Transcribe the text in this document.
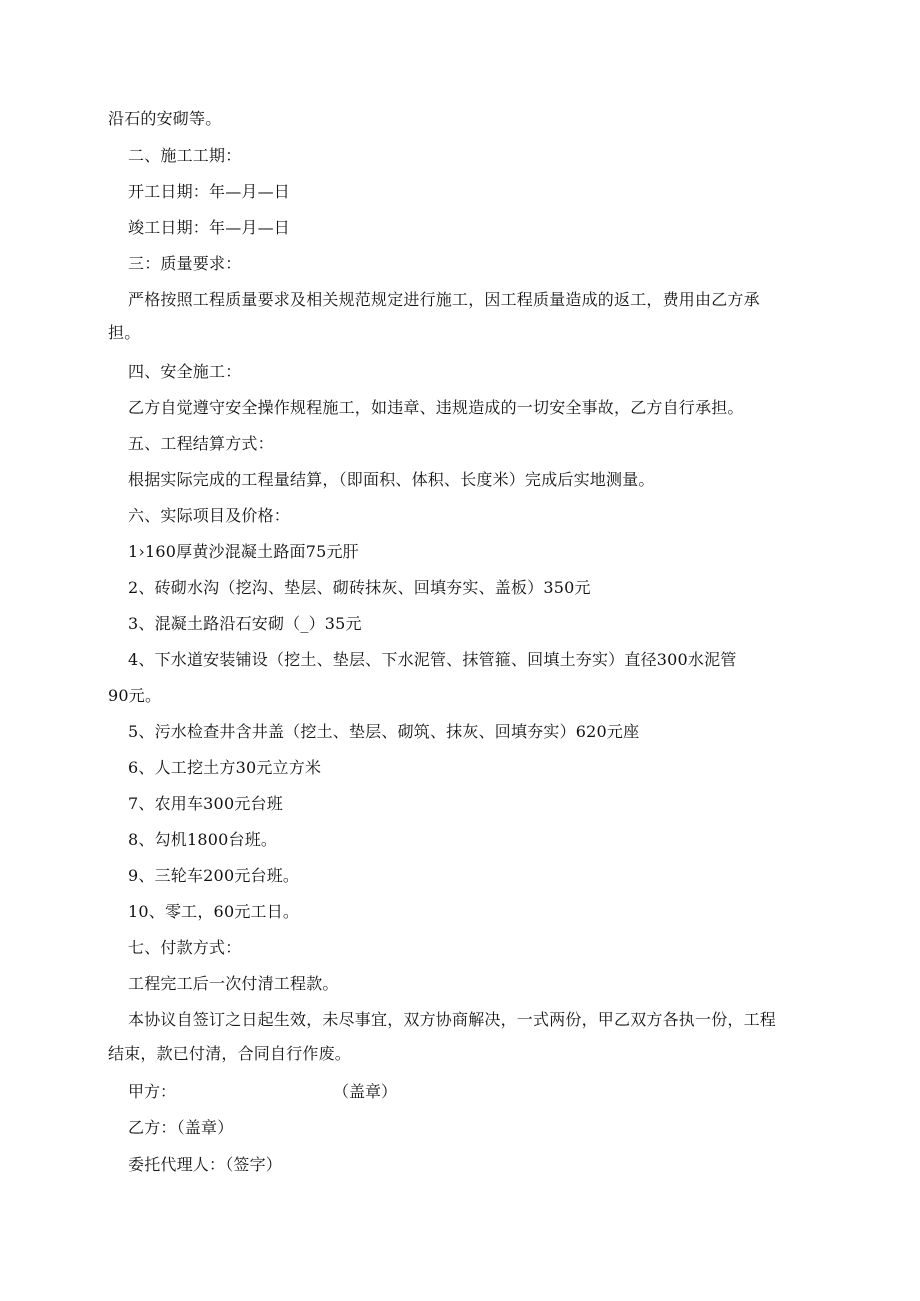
沿石的安砌等。
二、施工工期：
开工日期：年—月—日
竣工日期：年—月—日
三：质量要求：
严格按照工程质量要求及相关规范规定进行施工，因工程质量造成的返工，费用由乙方承
担。
四、安全施工：
乙方自觉遵守安全操作规程施工，如违章、违规造成的一切安全事故，乙方自行承担。
五、工程结算方式：
根据实际完成的工程量结算，（即面积、体积、长度米）完成后实地测量。
六、实际项目及价格：
1›160厚黄沙混凝土路面75元肝
2、砖砌水沟（挖沟、垫层、砌砖抹灰、回填夯实、盖板）350元
3、混凝土路沿石安砌（_）35元
4、下水道安装铺设（挖土、垫层、下水泥管、抹管箍、回填土夯实）直径300水泥管
90元。
5、污水检查井含井盖（挖土、垫层、砌筑、抹灰、回填夯实）620元座
6、人工挖土方30元立方米
7、农用车300元台班
8、勾机1800台班。
9、三轮车200元台班。
10、零工，60元工日。
七、付款方式：
工程完工后一次付清工程款。
本协议自签订之日起生效，未尽事宜，双方协商解决，一式两份，甲乙双方各执一份，工程
结束，款已付清，合同自行作废。
甲方：	（盖章）
乙方：（盖章）
委托代理人：（签字）
